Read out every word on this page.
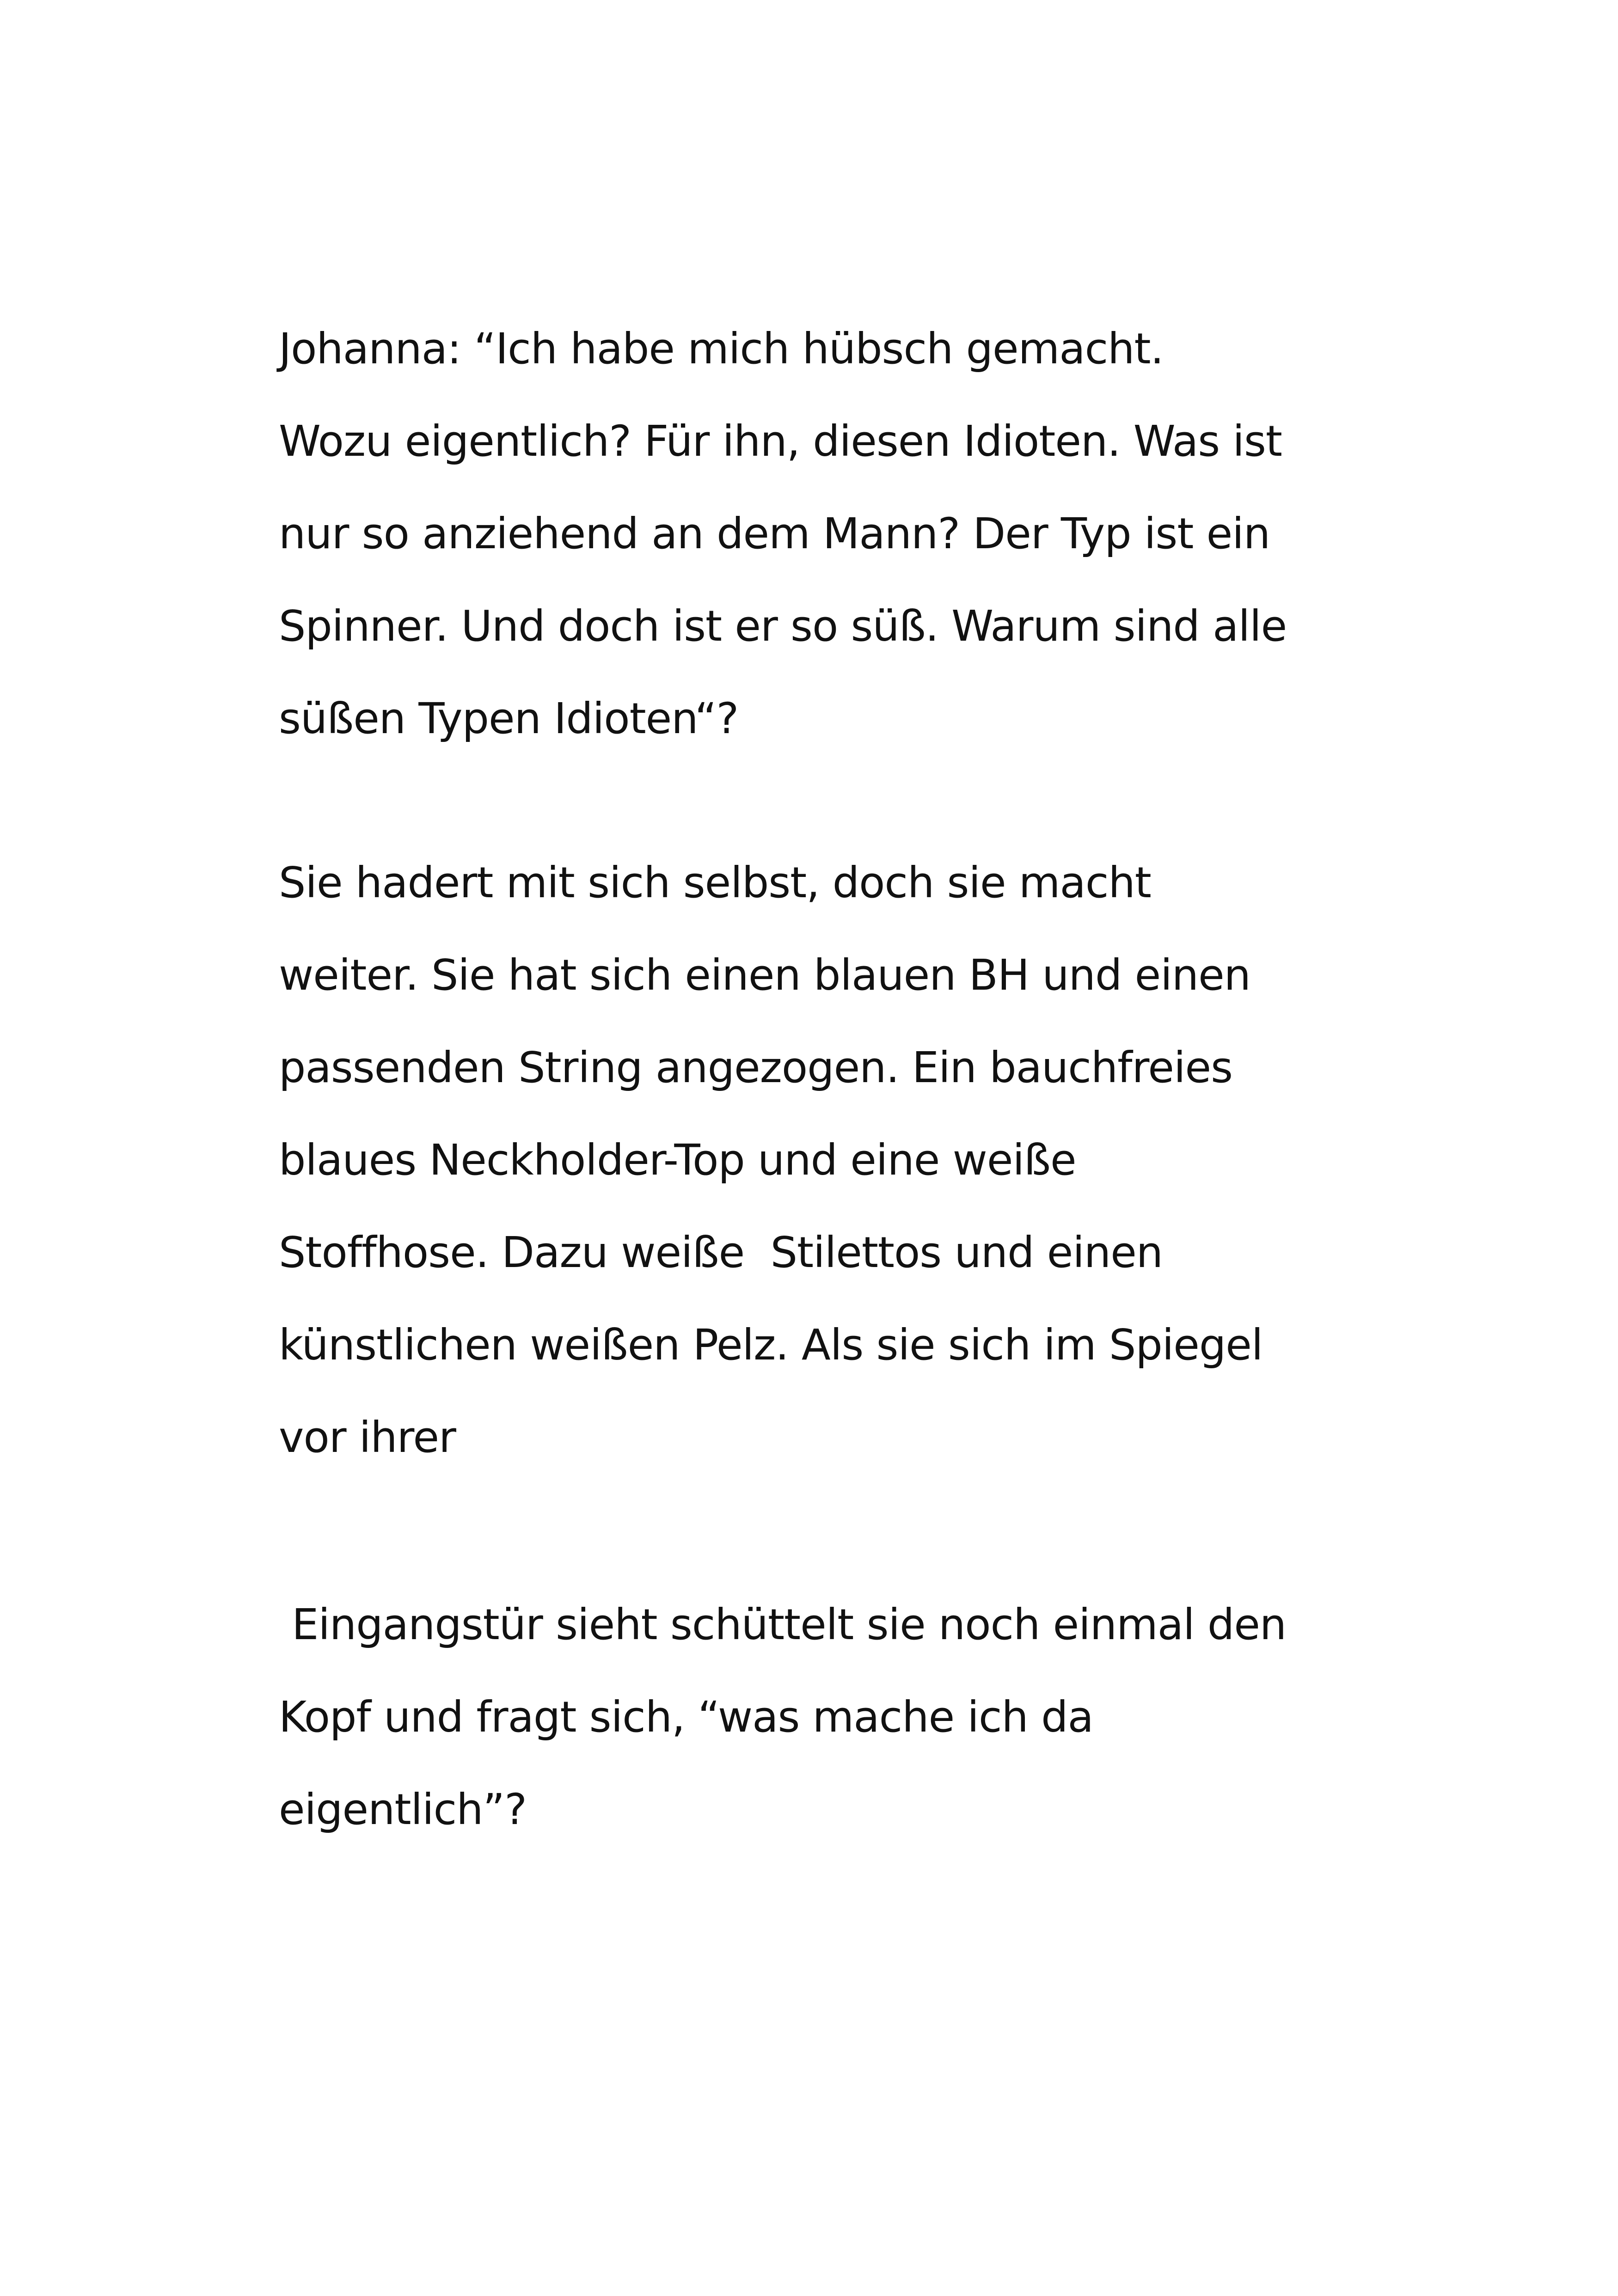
Johanna: “Ich habe mich hübsch gemacht.

Wozu eigentlich? Für ihn, diesen Idioten. Was ist

nur so anziehend an dem Mann? Der Typ ist ein

Spinner. Und doch ist er so süß. Warum sind alle

süßen Typen Idioten“?

Sie hadert mit sich selbst, doch sie macht

weiter. Sie hat sich einen blauen BH und einen

passenden String angezogen. Ein bauchfreies

blaues Neckholder-Top und eine weiße

Stoffhose. Dazu weiße  Stilettos und einen

künstlichen weißen Pelz. Als sie sich im Spiegel

vor ihrer

Eingangstür sieht schüttelt sie noch einmal den

Kopf und fragt sich, “was mache ich da

eigentlich”?
